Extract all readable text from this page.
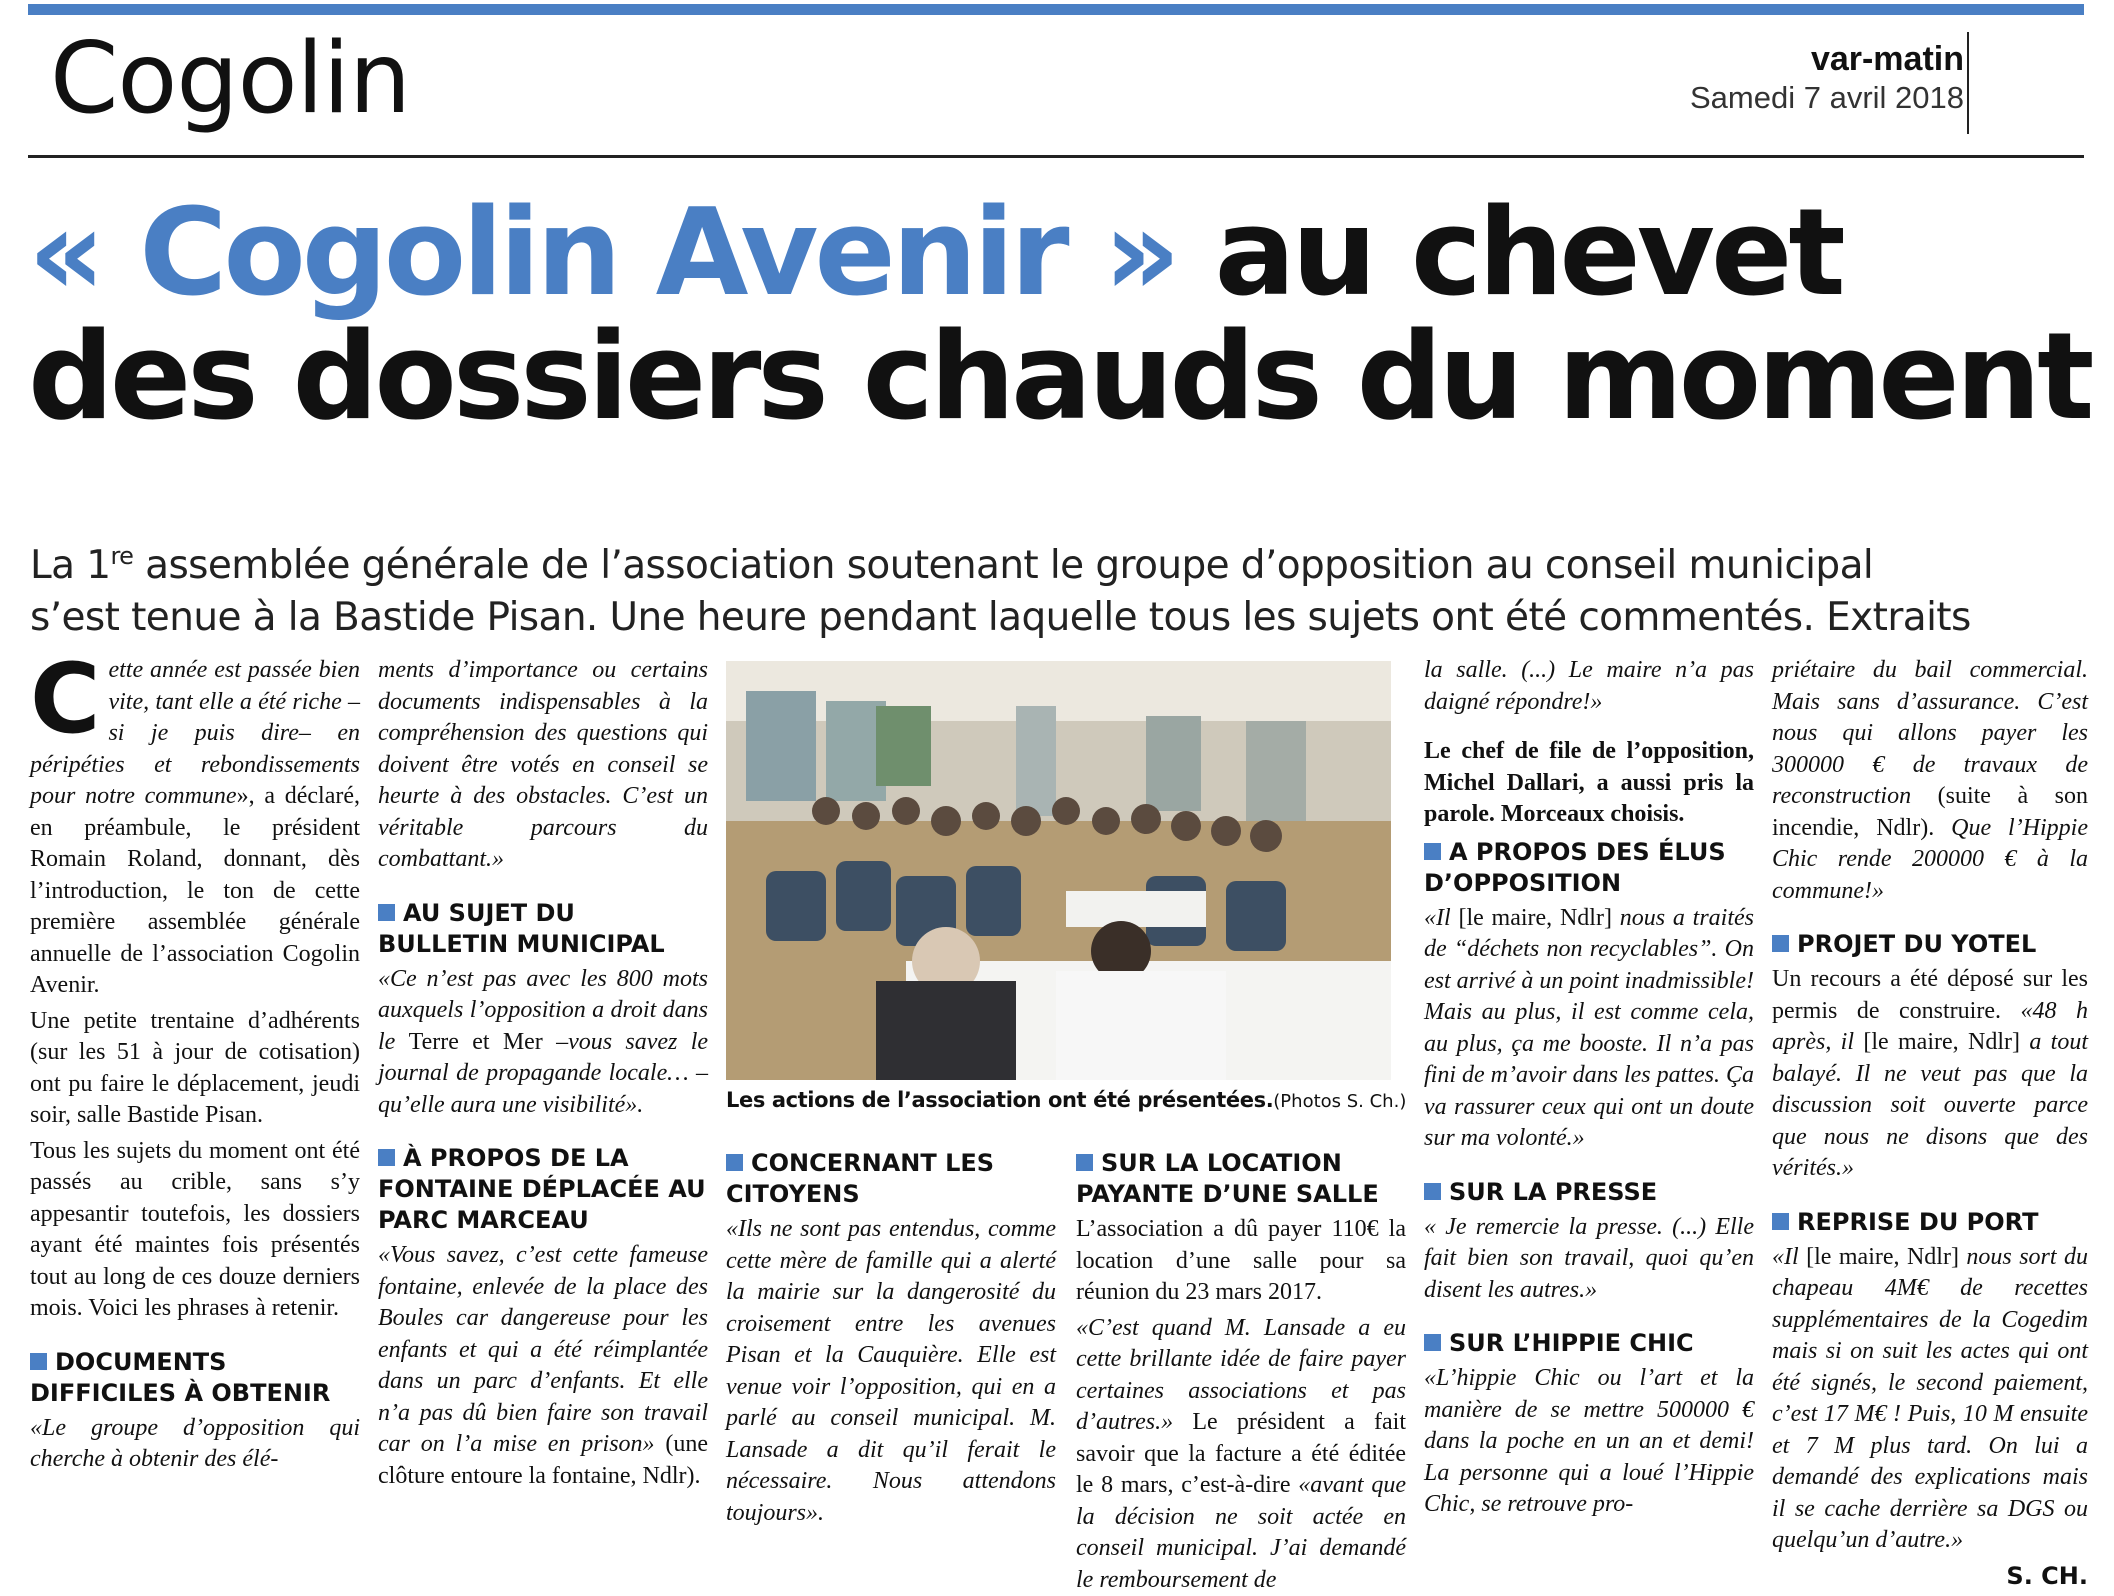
Cogolin	var-matin
Samedi 7 avril 2018
« Cogolin Avenir » au chevet
des dossiers chauds du moment
La 1re assemblée générale de l’association soutenant le groupe d’opposition au conseil municipal
s’est tenue à la Bastide Pisan. Une heure pendant laquelle tous les sujets ont été commentés. Extraits

Cette année est passée bien vite, tant elle a été riche –si je puis dire– en péripéties et rebondissements pour notre commune», a déclaré, en préambule, le président Romain Roland, donnant, dès l’introduction, le ton de cette première assemblée générale annuelle de l’association Cogolin Avenir.

Une petite trentaine d’adhérents (sur les 51 à jour de cotisation) ont pu faire le déplacement, jeudi soir, salle Bastide Pisan.

Tous les sujets du moment ont été passés au crible, sans s’y appesantir toutefois, les dossiers ayant été maintes fois présentés tout au long de ces douze derniers mois. Voici les phrases à retenir.

DOCUMENTS DIFFICILES À OBTENIR

«Le groupe d’opposition qui cherche à obtenir des élé-

ments d’importance ou certains documents indispensables à la compréhension des questions qui doivent être votés en conseil se heurte à des obstacles. C’est un véritable parcours du combattant.»

AU SUJET DU BULLETIN MUNICIPAL

«Ce n’est pas avec les 800 mots auxquels l’opposition a droit dans le Terre et Mer –vous savez le journal de propagande locale… – qu’elle aura une visibilité».

À PROPOS DE LA FONTAINE DÉPLACÉE AU PARC MARCEAU

«Vous savez, c’est cette fameuse fontaine, enlevée de la place des Boules car dangereuse pour les enfants et qui a été réimplantée dans un parc d’enfants. Et elle n’a pas dû bien faire son travail car on l’a mise en prison» (une clôture entoure la fontaine, Ndlr).

Les actions de l’association ont été présentées.(Photos S. Ch.)
CONCERNANT LES CITOYENS

«Ils ne sont pas entendus, comme cette mère de famille qui a alerté la mairie sur la dangerosité du croisement entre les avenues Pisan et la Cauquière. Elle est venue voir l’opposition, qui en a parlé au conseil municipal. M. Lansade a dit qu’il ferait le nécessaire. Nous attendons toujours».

SUR LA LOCATION PAYANTE D’UNE SALLE

L’association a dû payer 110€ la location d’une salle pour sa réunion du 23 mars 2017.

«C’est quand M. Lansade a eu cette brillante idée de faire payer certaines associations et pas d’autres.» Le président a fait savoir que la facture a été éditée le 8 mars, c’est-à-dire «avant que la décision ne soit actée en conseil municipal. J’ai demandé le remboursement de

la salle. (...) Le maire n’a pas daigné répondre!»

Le chef de file de l’opposition, Michel Dallari, a aussi pris la parole. Morceaux choisis.

A PROPOS DES ÉLUS D’OPPOSITION

«Il [le maire, Ndlr] nous a traités de “déchets non recyclables”. On est arrivé à un point inadmissible! Mais au plus, il est comme cela, au plus, ça me booste. Il n’a pas fini de m’avoir dans les pattes. Ça va rassurer ceux qui ont un doute sur ma volonté.»

SUR LA PRESSE

« Je remercie la presse. (...) Elle fait bien son travail, quoi qu’en disent les autres.»

SUR L’HIPPIE CHIC

«L’hippie Chic ou l’art et la manière de se mettre 500000 € dans la poche en un an et demi! La personne qui a loué l’Hippie Chic, se retrouve pro-

priétaire du bail commercial. Mais sans d’assurance. C’est nous qui allons payer les 300000 € de travaux de reconstruction (suite à son incendie, Ndlr). Que l’Hippie Chic rende 200000 € à la commune!»

PROJET DU YOTEL

Un recours a été déposé sur les permis de construire. «48 h après, il [le maire, Ndlr] a tout balayé. Il ne veut pas que la discussion soit ouverte parce que nous ne disons que des vérités.»

REPRISE DU PORT

«Il [le maire, Ndlr] nous sort du chapeau 4M€ de recettes supplémentaires de la Cogedim mais si on suit les actes qui ont été signés, le second paiement, c’est 17 M€ ! Puis, 10 M ensuite et 7 M plus tard. On lui a demandé des explications mais il se cache derrière sa DGS ou quelqu’un d’autre.»

S. CH.
